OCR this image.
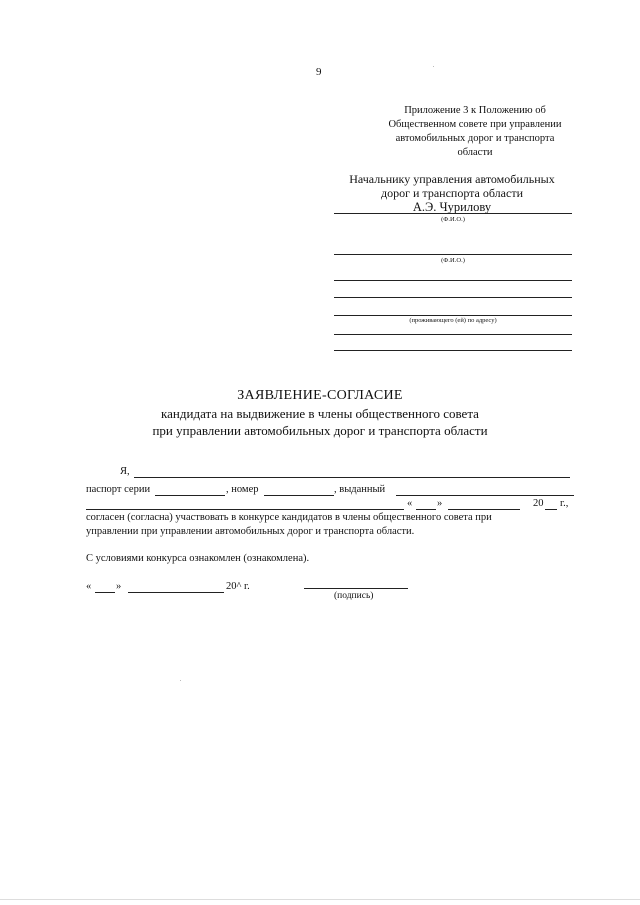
9
Приложение 3 к Положению об
Общественном совете при управлении
автомобильных дорог и транспорта
области
Начальнику управления автомобильных
дорог и транспорта области
А.Э. Чурилову
(Ф.И.О.)
(Ф.И.О.)
(проживающего (ей) по адресу)
ЗАЯВЛЕНИЕ-СОГЛАСИЕ
кандидата на выдвижение в члены общественного совета
при управлении автомобильных дорог и транспорта области
Я,
паспорт серии	, номер	, выданный
« »	20 г.,
согласен (согласна) участвовать в конкурсе кандидатов в члены общественного совета при
управлении при управлении автомобильных дорог и транспорта области.
С условиями конкурса ознакомлен (ознакомлена).
« »	20^ г.
(подпись)
